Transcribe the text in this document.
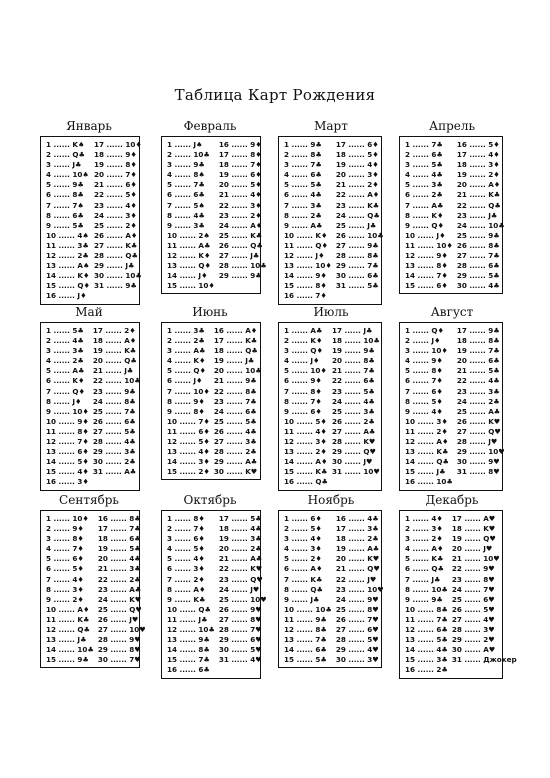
Таблица Карт Рождения
Январь
1 ...... K♠
2 ...... Q♣
3 ...... J♣
4 ...... 10♠
5 ...... 9♣
6 ...... 8♣
7 ...... 7♠
8 ...... 6♣
9 ...... 5♣
10 ...... 4♠
11 ...... 3♣
12 ...... 2♣
13 ...... A♠
14 ...... K♦
15 ...... Q♦
16 ...... J♦
17 ...... 10♦
18 ...... 9♦
19 ...... 8♦
20 ...... 7♦
21 ...... 6♦
22 ...... 5♦
23 ...... 4♦
24 ...... 3♦
25 ...... 2♦
26 ...... A♦
27 ...... K♣
28 ...... Q♣
29 ...... J♣
30 ...... 10♣
31 ...... 9♣
Февраль
1 ...... J♠
2 ...... 10♣
3 ...... 9♣
4 ...... 8♠
5 ...... 7♣
6 ...... 6♣
7 ...... 5♠
8 ...... 4♣
9 ...... 3♣
10 ...... 2♠
11 ...... A♣
12 ...... K♦
13 ...... Q♦
14 ...... J♦
15 ...... 10♦
16 ...... 9♦
17 ...... 8♦
18 ...... 7♦
19 ...... 6♦
20 ...... 5♦
21 ...... 4♦
22 ...... 3♦
23 ...... 2♦
24 ...... A♦
25 ...... K♣
26 ...... Q♣
27 ...... J♣
28 ...... 10♣
29 ...... 9♣
Март
1 ...... 9♣
2 ...... 8♣
3 ...... 7♣
4 ...... 6♣
5 ...... 5♣
6 ...... 4♣
7 ...... 3♣
8 ...... 2♣
9 ...... A♣
10 ...... K♦
11 ...... Q♦
12 ...... J♦
13 ...... 10♦
14 ...... 9♦
15 ...... 8♦
16 ...... 7♦
17 ...... 6♦
18 ...... 5♦
19 ...... 4♦
20 ...... 3♦
21 ...... 2♦
22 ...... A♦
23 ...... K♣
24 ...... Q♣
25 ...... J♣
26 ...... 10♣
27 ...... 9♣
28 ...... 8♣
29 ...... 7♣
30 ...... 6♣
31 ...... 5♣
Апрель
1 ...... 7♣
2 ...... 6♣
3 ...... 5♣
4 ...... 4♣
5 ...... 3♣
6 ...... 2♣
7 ...... A♣
8 ...... K♦
9 ...... Q♦
10 ...... J♦
11 ...... 10♦
12 ...... 9♦
13 ...... 8♦
14 ...... 7♦
15 ...... 6♦
16 ...... 5♦
17 ...... 4♦
18 ...... 3♦
19 ...... 2♦
20 ...... A♦
21 ...... K♣
22 ...... Q♣
23 ...... J♣
24 ...... 10♣
25 ...... 9♣
26 ...... 8♣
27 ...... 7♣
28 ...... 6♣
29 ...... 5♣
30 ...... 4♣
Май
1 ...... 5♣
2 ...... 4♣
3 ...... 3♣
4 ...... 2♣
5 ...... A♣
6 ...... K♦
7 ...... Q♦
8 ...... J♦
9 ...... 10♦
10 ...... 9♦
11 ...... 8♦
12 ...... 7♦
13 ...... 6♦
14 ...... 5♦
15 ...... 4♦
16 ...... 3♦
17 ...... 2♦
18 ...... A♦
19 ...... K♣
20 ...... Q♣
21 ...... J♣
22 ...... 10♣
23 ...... 9♣
24 ...... 8♣
25 ...... 7♣
26 ...... 6♣
27 ...... 5♣
28 ...... 4♣
29 ...... 3♣
30 ...... 2♣
31 ...... A♣
Июнь
1 ...... 3♣
2 ...... 2♣
3 ...... A♣
4 ...... K♦
5 ...... Q♦
6 ...... J♦
7 ...... 10♦
8 ...... 9♦
9 ...... 8♦
10 ...... 7♦
11 ...... 6♦
12 ...... 5♦
13 ...... 4♦
14 ...... 3♦
15 ...... 2♦
16 ...... A♦
17 ...... K♣
18 ...... Q♣
19 ...... J♣
20 ...... 10♣
21 ...... 9♣
22 ...... 8♣
23 ...... 7♣
24 ...... 6♣
25 ...... 5♣
26 ...... 4♣
27 ...... 3♣
28 ...... 2♣
29 ...... A♣
30 ...... K♥
Июль
1 ...... A♣
2 ...... K♦
3 ...... Q♦
4 ...... J♦
5 ...... 10♦
6 ...... 9♦
7 ...... 8♦
8 ...... 7♦
9 ...... 6♦
10 ...... 5♦
11 ...... 4♦
12 ...... 3♦
13 ...... 2♦
14 ...... A♦
15 ...... K♣
16 ...... Q♣
17 ...... J♣
18 ...... 10♣
19 ...... 9♣
20 ...... 8♣
21 ...... 7♣
22 ...... 6♣
23 ...... 5♣
24 ...... 4♣
25 ...... 3♣
26 ...... 2♣
27 ...... A♣
28 ...... K♥
29 ...... Q♥
30 ...... J♥
31 ...... 10♥
Август
1 ...... Q♦
2 ...... J♦
3 ...... 10♦
4 ...... 9♦
5 ...... 8♦
6 ...... 7♦
7 ...... 6♦
8 ...... 5♦
9 ...... 4♦
10 ...... 3♦
11 ...... 2♦
12 ...... A♦
13 ...... K♣
14 ...... Q♣
15 ...... J♣
16 ...... 10♣
17 ...... 9♣
18 ...... 8♣
19 ...... 7♣
20 ...... 6♣
21 ...... 5♣
22 ...... 4♣
23 ...... 3♣
24 ...... 2♣
25 ...... A♣
26 ...... K♥
27 ...... Q♥
28 ...... J♥
29 ...... 10♥
30 ...... 9♥
31 ...... 8♥
Сентябрь
1 ...... 10♦
2 ...... 9♦
3 ...... 8♦
4 ...... 7♦
5 ...... 6♦
6 ...... 5♦
7 ...... 4♦
8 ...... 3♦
9 ...... 2♦
10 ...... A♦
11 ...... K♣
12 ...... Q♣
13 ...... J♣
14 ...... 10♣
15 ...... 9♣
16 ...... 8♣
17 ...... 7♣
18 ...... 6♣
19 ...... 5♣
20 ...... 4♣
21 ...... 3♣
22 ...... 2♣
23 ...... A♣
24 ...... K♥
25 ...... Q♥
26 ...... J♥
27 ...... 10♥
28 ...... 9♥
29 ...... 8♥
30 ...... 7♥
Октябрь
1 ...... 8♦
2 ...... 7♦
3 ...... 6♦
4 ...... 5♦
5 ...... 4♦
6 ...... 3♦
7 ...... 2♦
8 ...... A♦
9 ...... K♣
10 ...... Q♣
11 ...... J♣
12 ...... 10♣
13 ...... 9♣
14 ...... 8♣
15 ...... 7♣
16 ...... 6♣
17 ...... 5♣
18 ...... 4♣
19 ...... 3♣
20 ...... 2♣
21 ...... A♣
22 ...... K♥
23 ...... Q♥
24 ...... J♥
25 ...... 10♥
26 ...... 9♥
27 ...... 8♥
28 ...... 7♥
29 ...... 6♥
30 ...... 5♥
31 ...... 4♥
Ноябрь
1 ...... 6♦
2 ...... 5♦
3 ...... 4♦
4 ...... 3♦
5 ...... 2♦
6 ...... A♦
7 ...... K♣
8 ...... Q♣
9 ...... J♣
10 ...... 10♣
11 ...... 9♣
12 ...... 8♣
13 ...... 7♣
14 ...... 6♣
15 ...... 5♣
16 ...... 4♣
17 ...... 3♣
18 ...... 2♣
19 ...... A♣
20 ...... K♥
21 ...... Q♥
22 ...... J♥
23 ...... 10♥
24 ...... 9♥
25 ...... 8♥
26 ...... 7♥
27 ...... 6♥
28 ...... 5♥
29 ...... 4♥
30 ...... 3♥
Декабрь
1 ...... 4♦
2 ...... 3♦
3 ...... 2♦
4 ...... A♦
5 ...... K♣
6 ...... Q♣
7 ...... J♣
8 ...... 10♣
9 ...... 9♣
10 ...... 8♣
11 ...... 7♣
12 ...... 6♣
13 ...... 5♣
14 ...... 4♣
15 ...... 3♣
16 ...... 2♣
17 ...... A♥
18 ...... K♥
19 ...... Q♥
20 ...... J♥
21 ...... 10♥
22 ...... 9♥
23 ...... 8♥
24 ...... 7♥
25 ...... 6♥
26 ...... 5♥
27 ...... 4♥
28 ...... 3♥
29 ...... 2♥
30 ...... A♥
31 ...... Джокер
